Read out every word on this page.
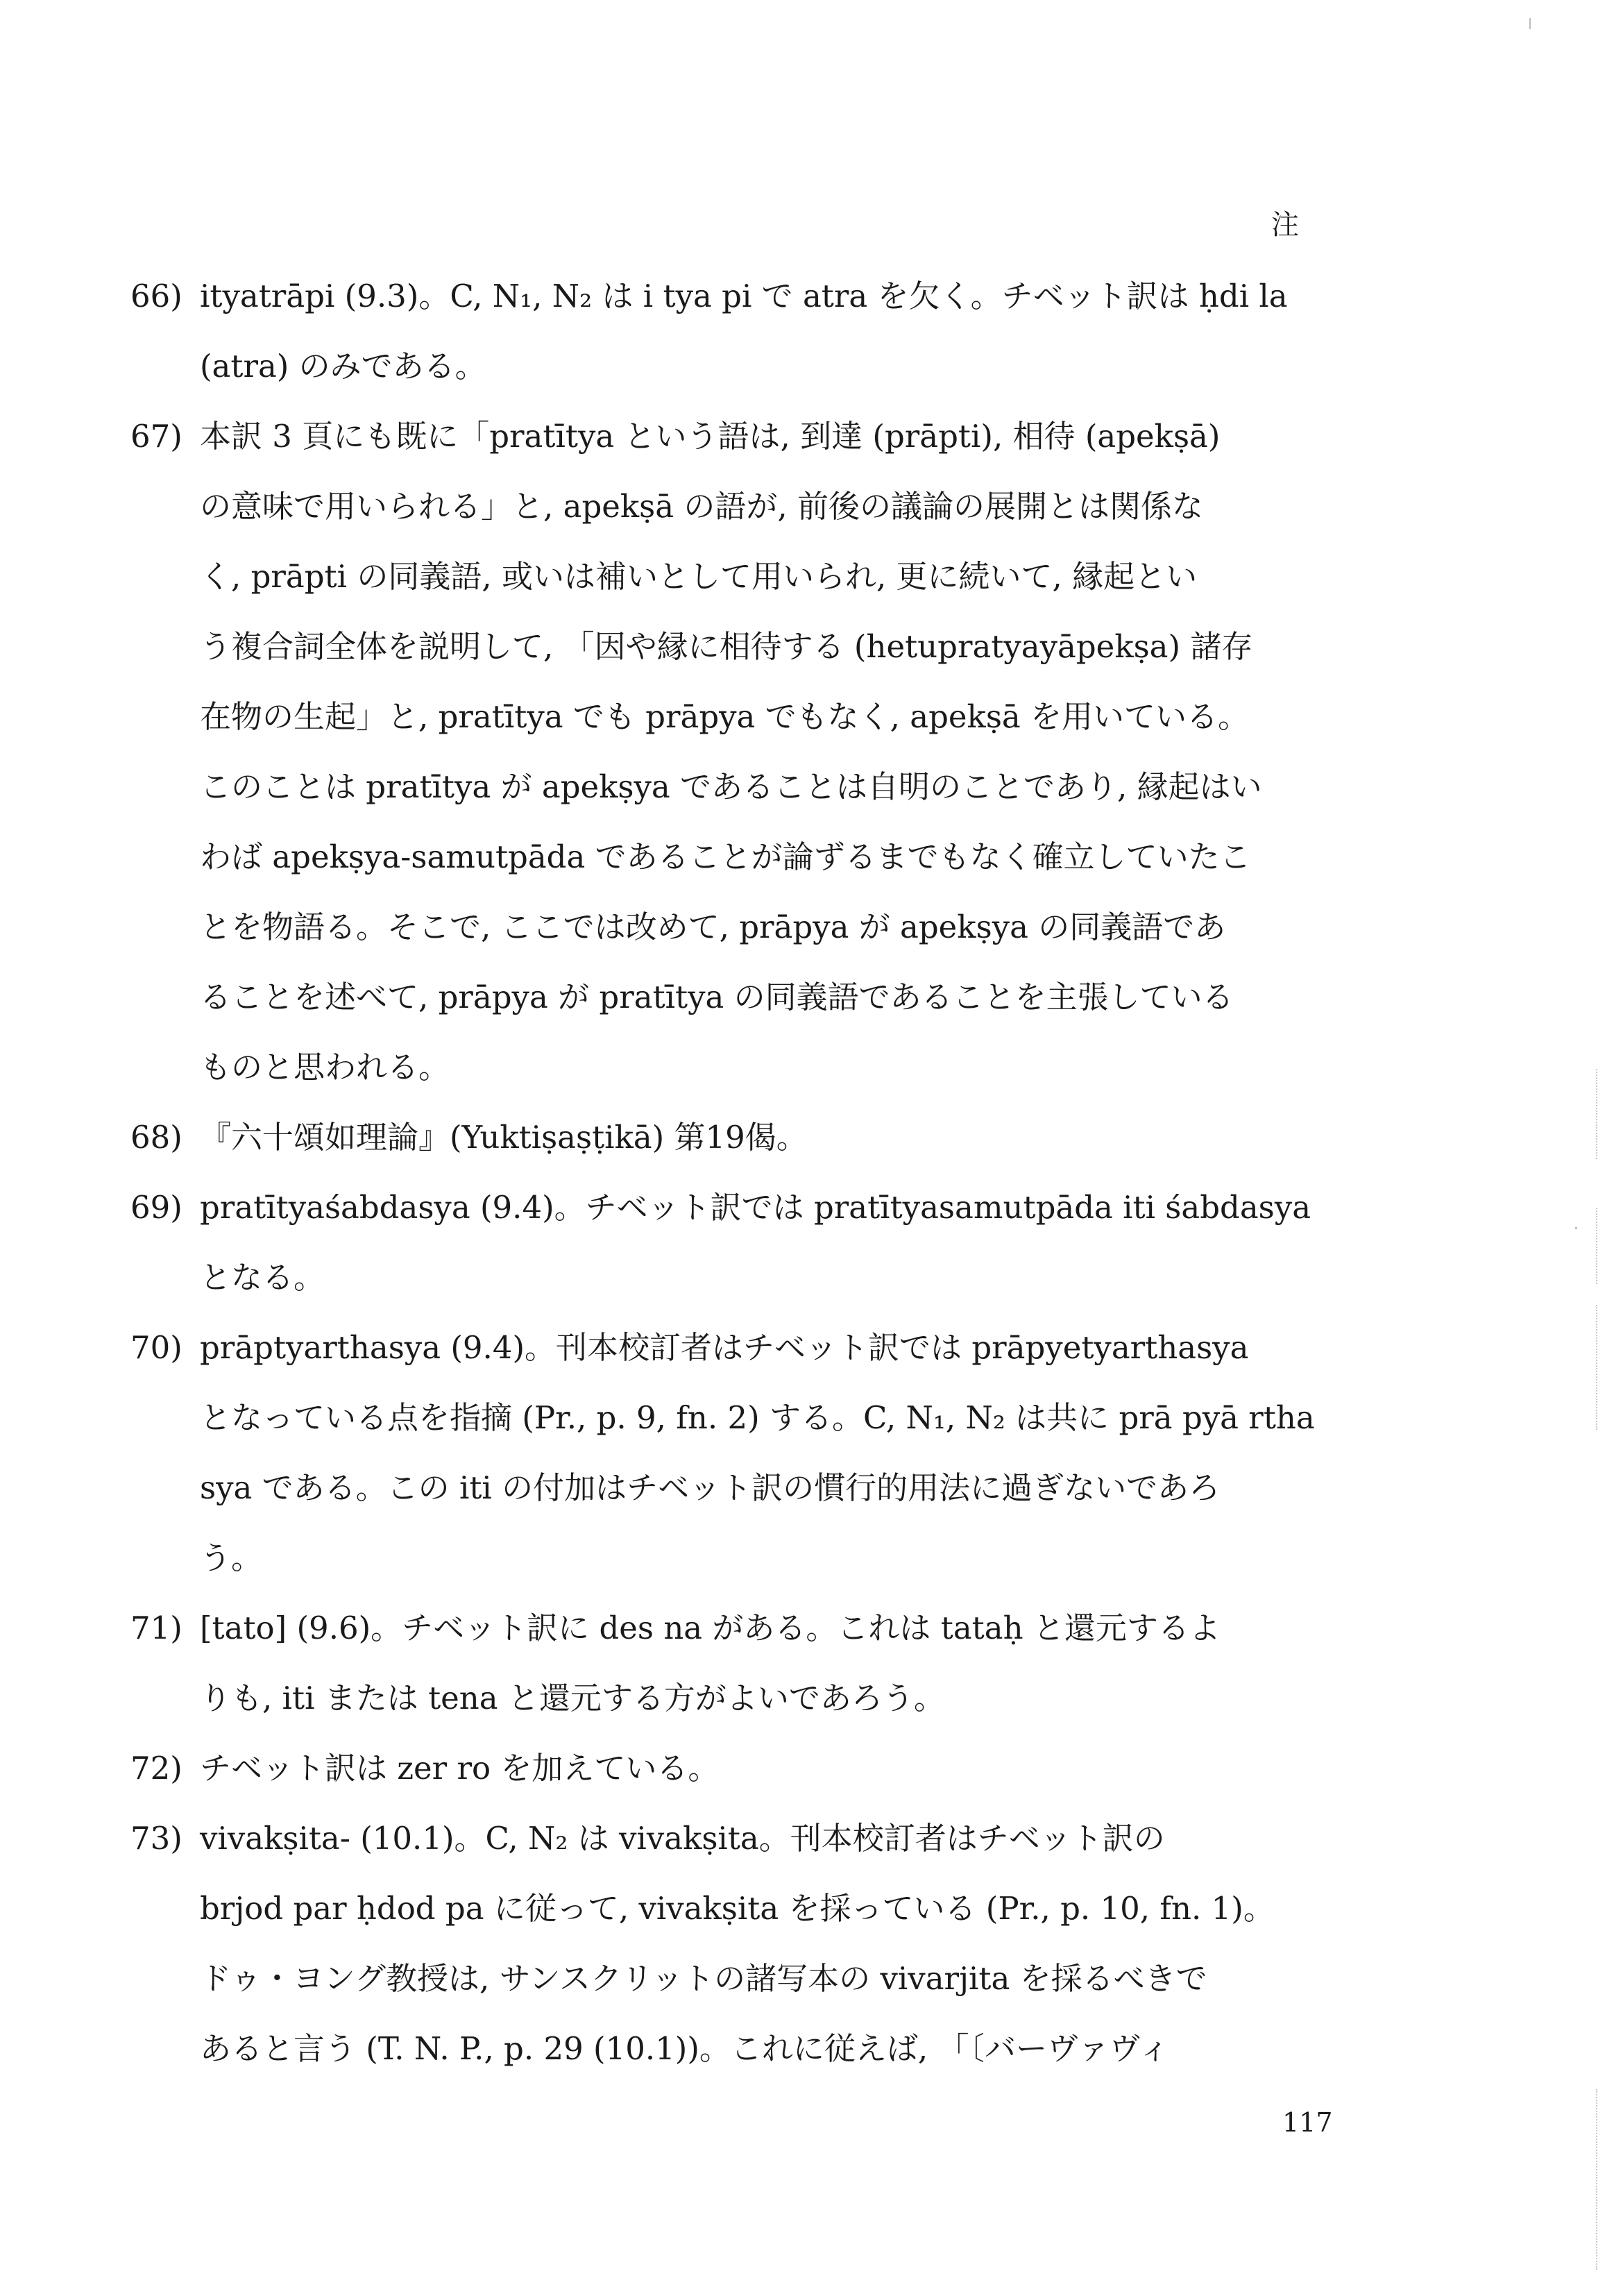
注
66) ityatrāpi (9.3)。C, N₁, N₂ は i tya pi で atra を欠く。チベット訳は ḥdi la
(atra) のみである。
67) 本訳 3 頁にも既に「pratītya という語は, 到達 (prāpti), 相待 (apekṣā)
の意味で用いられる」と, apekṣā の語が, 前後の議論の展開とは関係な
く, prāpti の同義語, 或いは補いとして用いられ, 更に続いて, 縁起とい
う複合詞全体を説明して, 「因や縁に相待する (hetupratyayāpekṣa) 諸存
在物の生起」と, pratītya でも prāpya でもなく, apekṣā を用いている。
このことは pratītya が apekṣya であることは自明のことであり, 縁起はい
わば apekṣya-samutpāda であることが論ずるまでもなく確立していたこ
とを物語る。そこで, ここでは改めて, prāpya が apekṣya の同義語であ
ることを述べて, prāpya が pratītya の同義語であることを主張している
ものと思われる。
68) 『六十頌如理論』(Yuktiṣaṣṭikā) 第19偈。
69) pratītyaśabdasya (9.4)。チベット訳では pratītyasamutpāda iti śabdasya
となる。
70) prāptyarthasya (9.4)。刊本校訂者はチベット訳では prāpyetyarthasya
となっている点を指摘 (Pr., p. 9, fn. 2) する。C, N₁, N₂ は共に prā pyā rtha
sya である。この iti の付加はチベット訳の慣行的用法に過ぎないであろ
う。
71) [tato] (9.6)。チベット訳に des na がある。これは tataḥ と還元するよ
りも, iti または tena と還元する方がよいであろう。
72) チベット訳は zer ro を加えている。
73) vivakṣita- (10.1)。C, N₂ は vivakṣita。刊本校訂者はチベット訳の
brjod par ḥdod pa に従って, vivakṣita を採っている (Pr., p. 10, fn. 1)。
ドゥ・ヨング教授は, サンスクリットの諸写本の vivarjita を採るべきで
あると言う (T. N. P., p. 29 (10.1))。これに従えば, 「〔バーヴァヴィ
117
